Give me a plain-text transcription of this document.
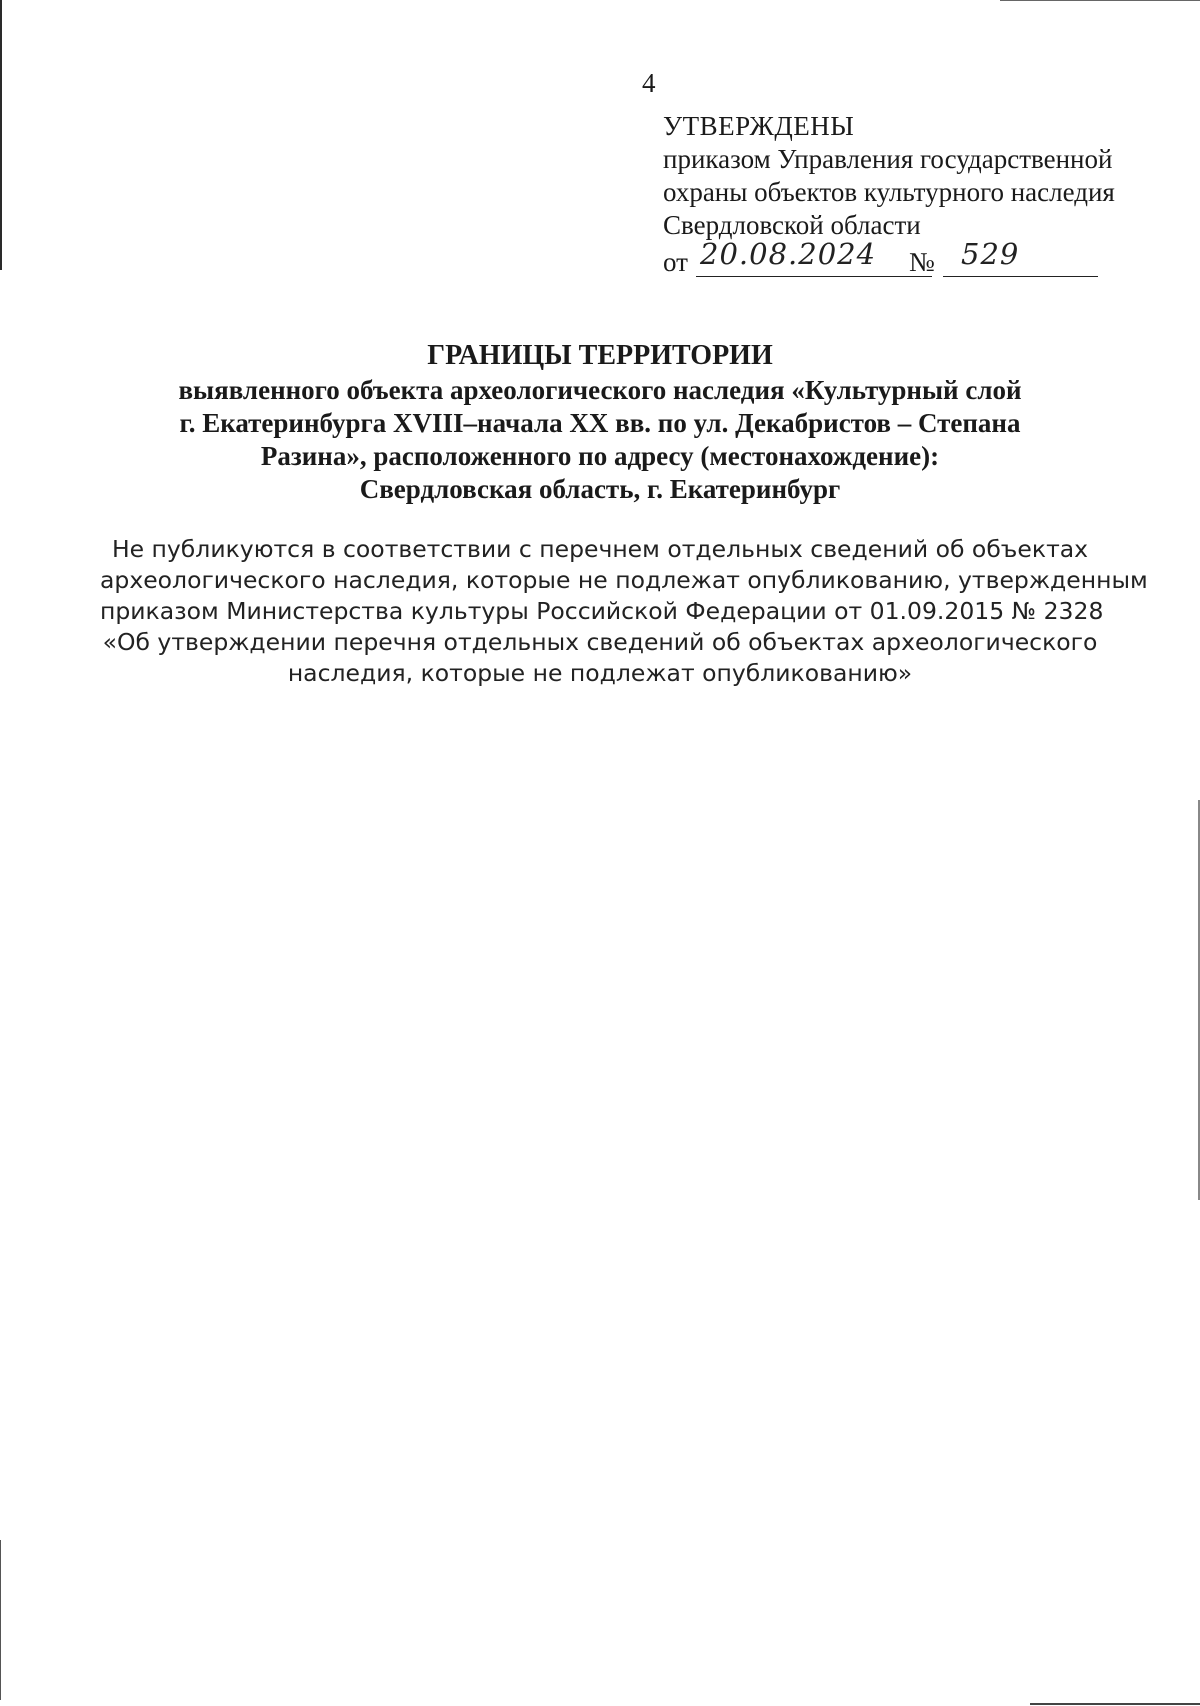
4
УТВЕРЖДЕНЫ
приказом Управления государственной
охраны объектов культурного наследия
Свердловской области
от 20.08.2024 № 529
ГРАНИЦЫ ТЕРРИТОРИИ
выявленного объекта археологического наследия «Культурный слой
г. Екатеринбурга XVIII–начала XX вв. по ул. Декабристов – Степана
Разина», расположенного по адресу (местонахождение):
Свердловская область, г. Екатеринбург
Не публикуются в соответствии с перечнем отдельных сведений об объектах
археологического наследия, которые не подлежат опубликованию, утвержденным
приказом Министерства культуры Российской Федерации от 01.09.2015 № 2328
«Об утверждении перечня отдельных сведений об объектах археологического
наследия, которые не подлежат опубликованию»
